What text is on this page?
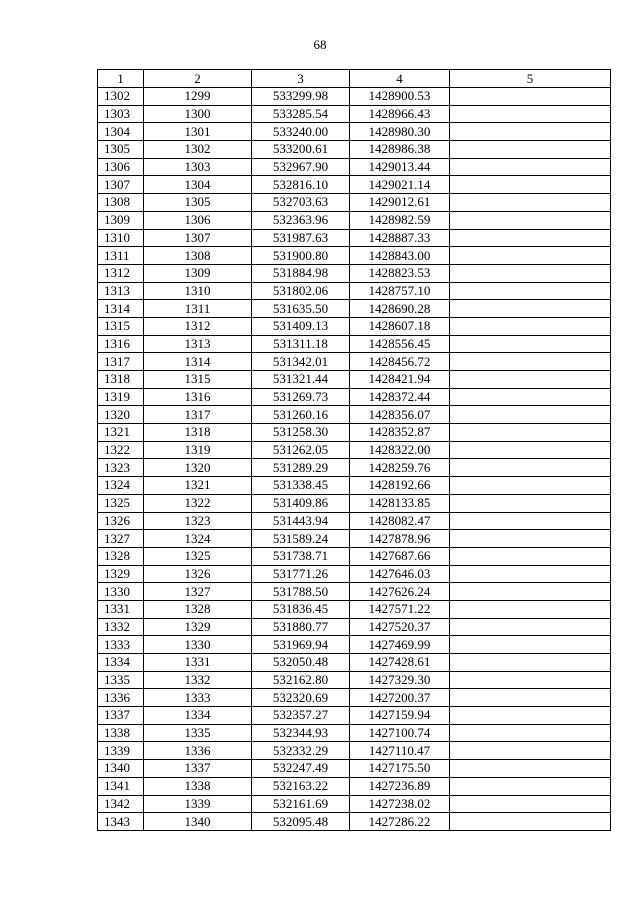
68
1	2	3	4	5
1302	1299	533299.98	1428900.53	
1303	1300	533285.54	1428966.43	
1304	1301	533240.00	1428980.30	
1305	1302	533200.61	1428986.38	
1306	1303	532967.90	1429013.44	
1307	1304	532816.10	1429021.14	
1308	1305	532703.63	1429012.61	
1309	1306	532363.96	1428982.59	
1310	1307	531987.63	1428887.33	
1311	1308	531900.80	1428843.00	
1312	1309	531884.98	1428823.53	
1313	1310	531802.06	1428757.10	
1314	1311	531635.50	1428690.28	
1315	1312	531409.13	1428607.18	
1316	1313	531311.18	1428556.45	
1317	1314	531342.01	1428456.72	
1318	1315	531321.44	1428421.94	
1319	1316	531269.73	1428372.44	
1320	1317	531260.16	1428356.07	
1321	1318	531258.30	1428352.87	
1322	1319	531262.05	1428322.00	
1323	1320	531289.29	1428259.76	
1324	1321	531338.45	1428192.66	
1325	1322	531409.86	1428133.85	
1326	1323	531443.94	1428082.47	
1327	1324	531589.24	1427878.96	
1328	1325	531738.71	1427687.66	
1329	1326	531771.26	1427646.03	
1330	1327	531788.50	1427626.24	
1331	1328	531836.45	1427571.22	
1332	1329	531880.77	1427520.37	
1333	1330	531969.94	1427469.99	
1334	1331	532050.48	1427428.61	
1335	1332	532162.80	1427329.30	
1336	1333	532320.69	1427200.37	
1337	1334	532357.27	1427159.94	
1338	1335	532344.93	1427100.74	
1339	1336	532332.29	1427110.47	
1340	1337	532247.49	1427175.50	
1341	1338	532163.22	1427236.89	
1342	1339	532161.69	1427238.02	
1343	1340	532095.48	1427286.22	
